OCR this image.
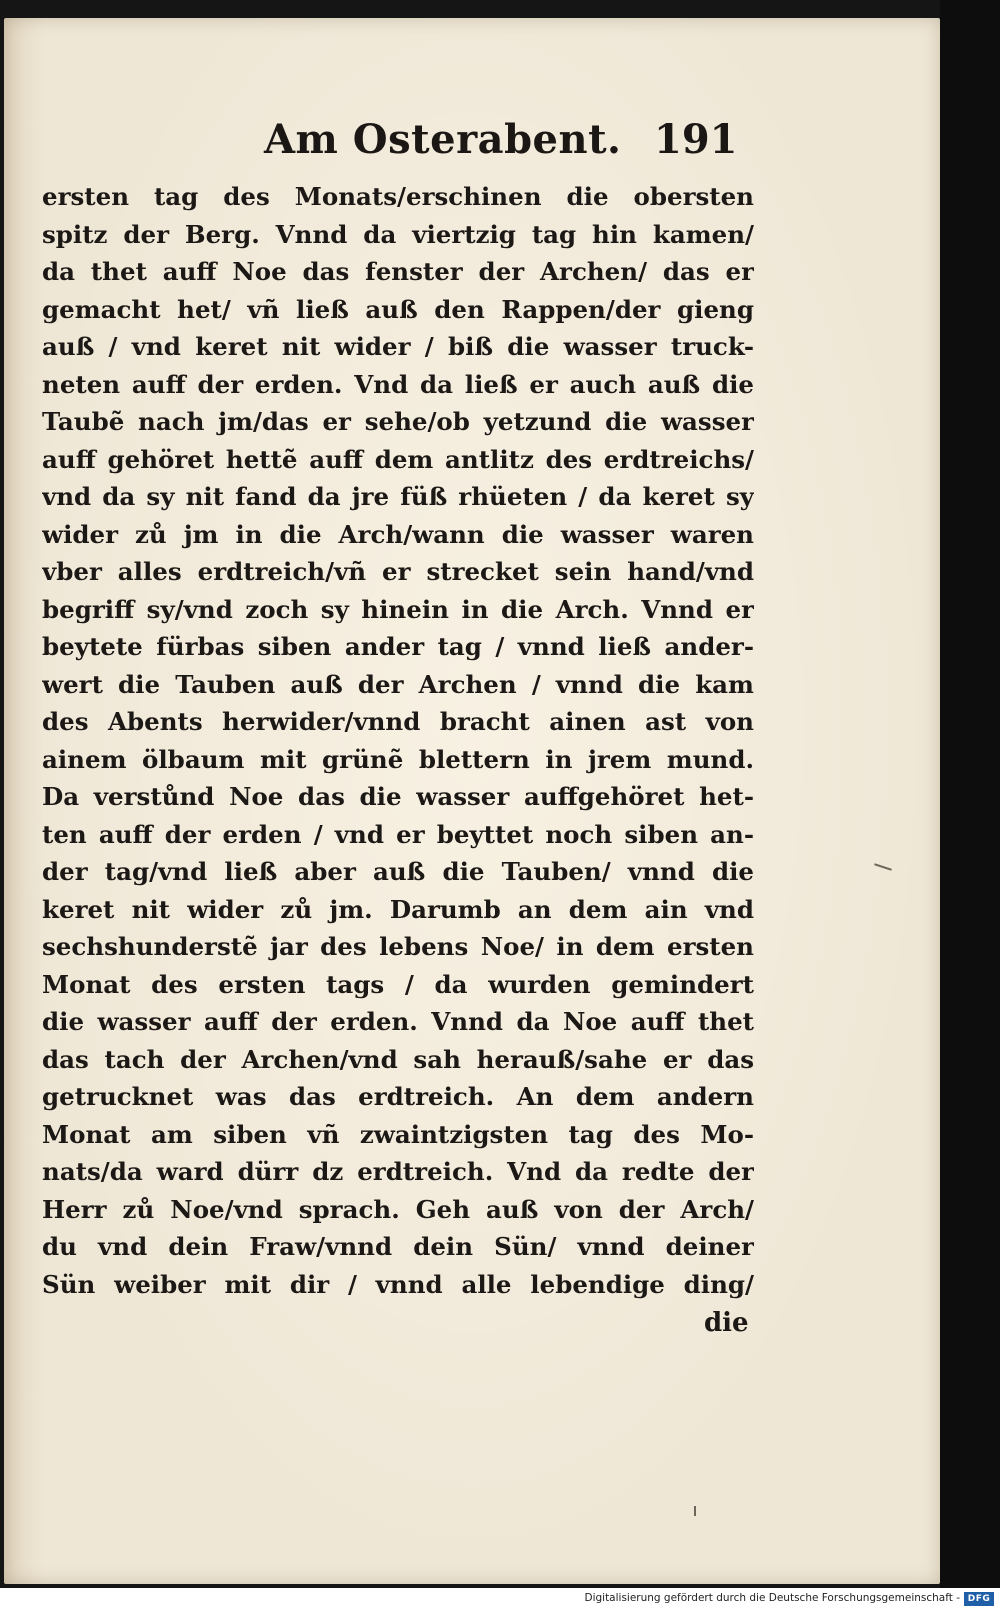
Am Osterabent. 191
ersten tag des Monats/erschinen die obersten
spitz der Berg. Vnnd da viertzig tag hin kamen/
da thet auff Noe das fenster der Archen/ das er
gemacht het/ vñ ließ auß den Rappen/der gieng
auß / vnd keret nit wider / biß die wasser truck-
neten auff der erden. Vnd da ließ er auch auß die
Taubẽ nach jm/das er sehe/ob yetzund die wasser
auff gehöret hettẽ auff dem antlitz des erdtreichs/
vnd da sy nit fand da jre füß rhüeten / da keret sy
wider zů jm in die Arch/wann die wasser waren
vber alles erdtreich/vñ er strecket sein hand/vnd
begriff sy/vnd zoch sy hinein in die Arch. Vnnd er
beytete fürbas siben ander tag / vnnd ließ ander-
wert die Tauben auß der Archen / vnnd die kam
des Abents herwider/vnnd bracht ainen ast von
ainem ölbaum mit grünẽ blettern in jrem mund.
Da verstůnd Noe das die wasser auffgehöret het-
ten auff der erden / vnd er beyttet noch siben an-
der tag/vnd ließ aber auß die Tauben/ vnnd die
keret nit wider zů jm. Darumb an dem ain vnd
sechshunderstẽ jar des lebens Noe/ in dem ersten
Monat des ersten tags / da wurden gemindert
die wasser auff der erden. Vnnd da Noe auff thet
das tach der Archen/vnd sah herauß/sahe er das
getrucknet was das erdtreich. An dem andern
Monat am siben vñ zwaintzigsten tag des Mo-
nats/da ward dürr dz erdtreich. Vnd da redte der
Herr zů Noe/vnd sprach. Geh auß von der Arch/
du vnd dein Fraw/vnnd dein Sün/ vnnd deiner
Sün weiber mit dir / vnnd alle lebendige ding/
die
Digitalisierung gefördert durch die Deutsche Forschungsgemeinschaft - DFG
